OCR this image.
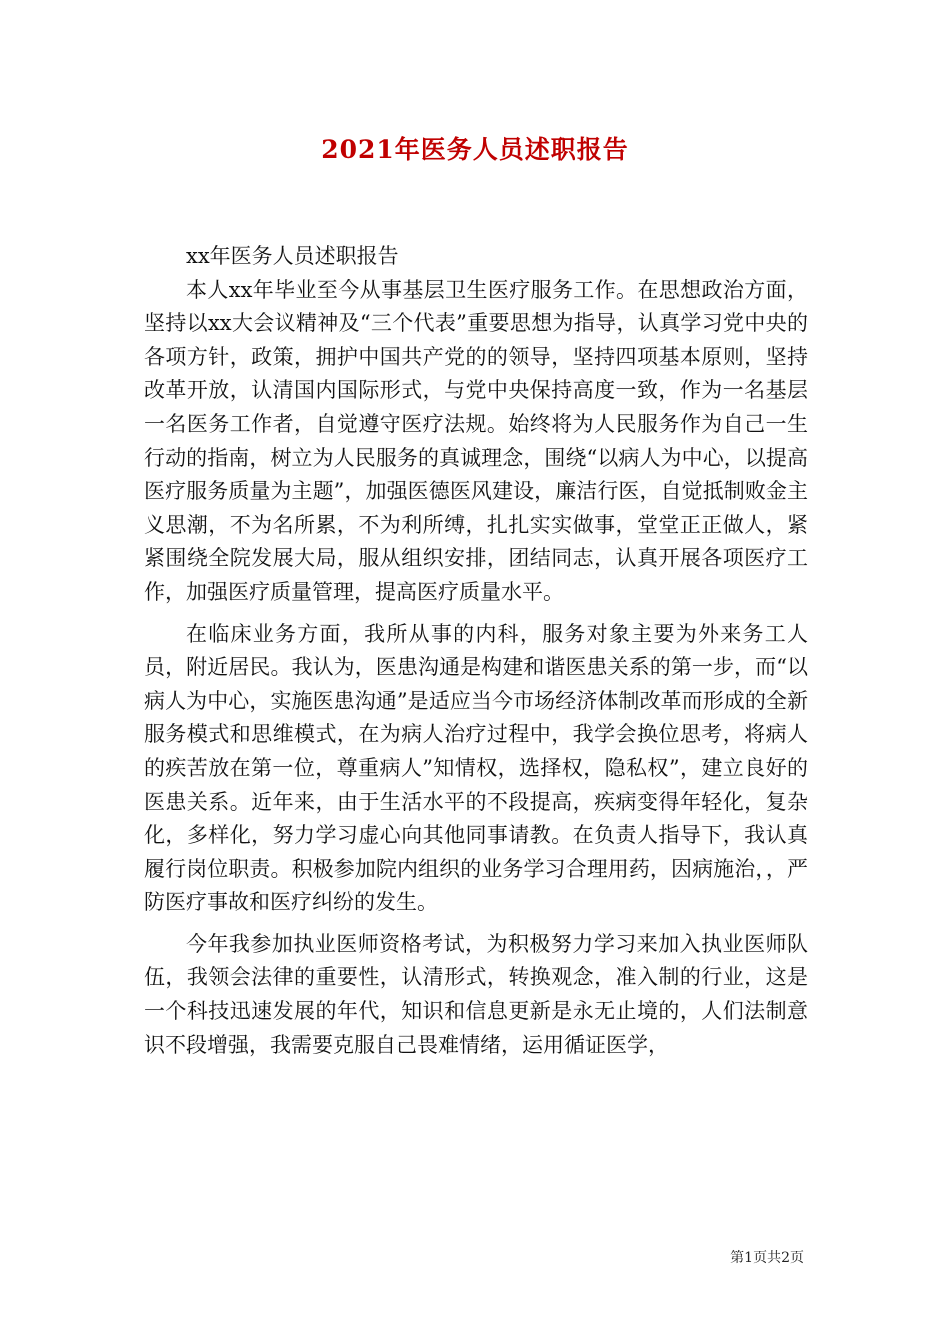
2021年医务人员述职报告

xx年医务人员述职报告

本人xx年毕业至今从事基层卫生医疗服务工作。在思想政治方面，坚持以xx大会议精神及“三个代表”重要思想为指导，认真学习党中央的各项方针，政策，拥护中国共产党的的领导，坚持四项基本原则，坚持改革开放，认清国内国际形式，与党中央保持高度一致，作为一名基层一名医务工作者，自觉遵守医疗法规。始终将为人民服务作为自己一生行动的指南，树立为人民服务的真诚理念，围绕“以病人为中心，以提高医疗服务质量为主题”，加强医德医风建设，廉洁行医，自觉抵制败金主义思潮，不为名所累，不为利所缚，扎扎实实做事，堂堂正正做人，紧紧围绕全院发展大局，服从组织安排，团结同志，认真开展各项医疗工作，加强医疗质量管理，提高医疗质量水平。

在临床业务方面，我所从事的内科，服务对象主要为外来务工人员，附近居民。我认为，医患沟通是构建和谐医患关系的第一步，而“以病人为中心，实施医患沟通”是适应当今市场经济体制改革而形成的全新服务模式和思维模式，在为病人治疗过程中，我学会换位思考，将病人的疾苦放在第一位，尊重病人”知情权，选择权，隐私权”，建立良好的医患关系。近年来，由于生活水平的不段提高，疾病变得年轻化，复杂化，多样化，努力学习虚心向其他同事请教。在负责人指导下，我认真履行岗位职责。积极参加院内组织的业务学习合理用药，因病施治，，严防医疗事故和医疗纠纷的发生。

今年我参加执业医师资格考试，为积极努力学习来加入执业医师队伍，我领会法律的重要性，认清形式，转换观念，准入制的行业，这是一个科技迅速发展的年代，知识和信息更新是永无止境的，人们法制意识不段增强，我需要克服自己畏难情绪，运用循证医学，

第1页共2页
